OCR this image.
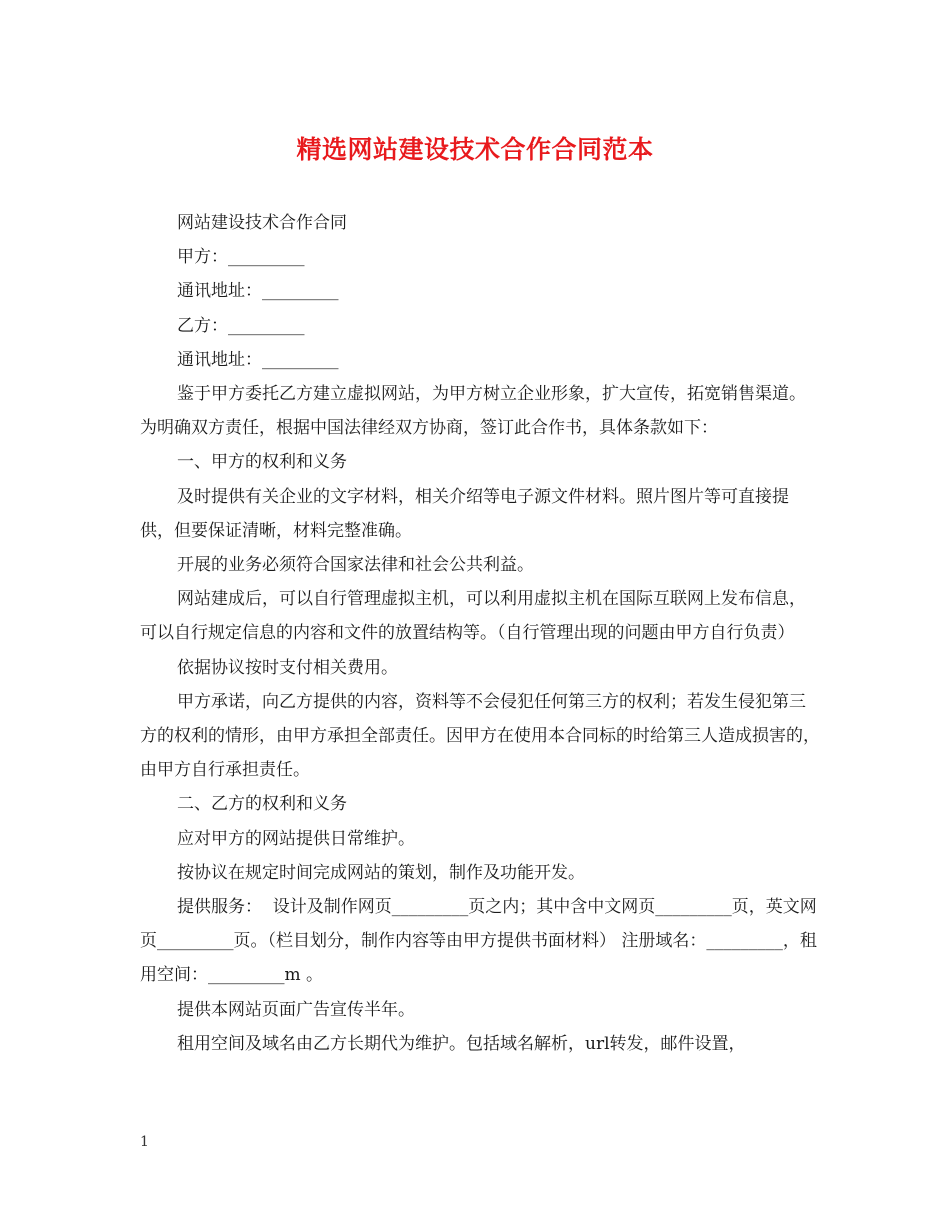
精选网站建设技术合作合同范本

网站建设技术合作合同

甲方：_________

通讯地址：_________

乙方：_________

通讯地址：_________

鉴于甲方委托乙方建立虚拟网站，为甲方树立企业形象，扩大宣传，拓宽销售渠道。为明确双方责任，根据中国法律经双方协商，签订此合作书，具体条款如下：

一、甲方的权利和义务

及时提供有关企业的文字材料，相关介绍等电子源文件材料。照片图片等可直接提供，但要保证清晰，材料完整准确。

开展的业务必须符合国家法律和社会公共利益。

网站建成后，可以自行管理虚拟主机，可以利用虚拟主机在国际互联网上发布信息，可以自行规定信息的内容和文件的放置结构等。（自行管理出现的问题由甲方自行负责）

依据协议按时支付相关费用。

甲方承诺，向乙方提供的内容，资料等不会侵犯任何第三方的权利；若发生侵犯第三方的权利的情形，由甲方承担全部责任。因甲方在使用本合同标的时给第三人造成损害的，由甲方自行承担责任。

二、乙方的权利和义务

应对甲方的网站提供日常维护。

按协议在规定时间完成网站的策划，制作及功能开发。

提供服务：  设计及制作网页_________页之内；其中含中文网页_________页，英文网页_________页。（栏目划分，制作内容等由甲方提供书面材料） 注册域名：_________，租用空间：_________m 。

提供本网站页面广告宣传半年。

租用空间及域名由乙方长期代为维护。包括域名解析，url转发，邮件设置，

1
